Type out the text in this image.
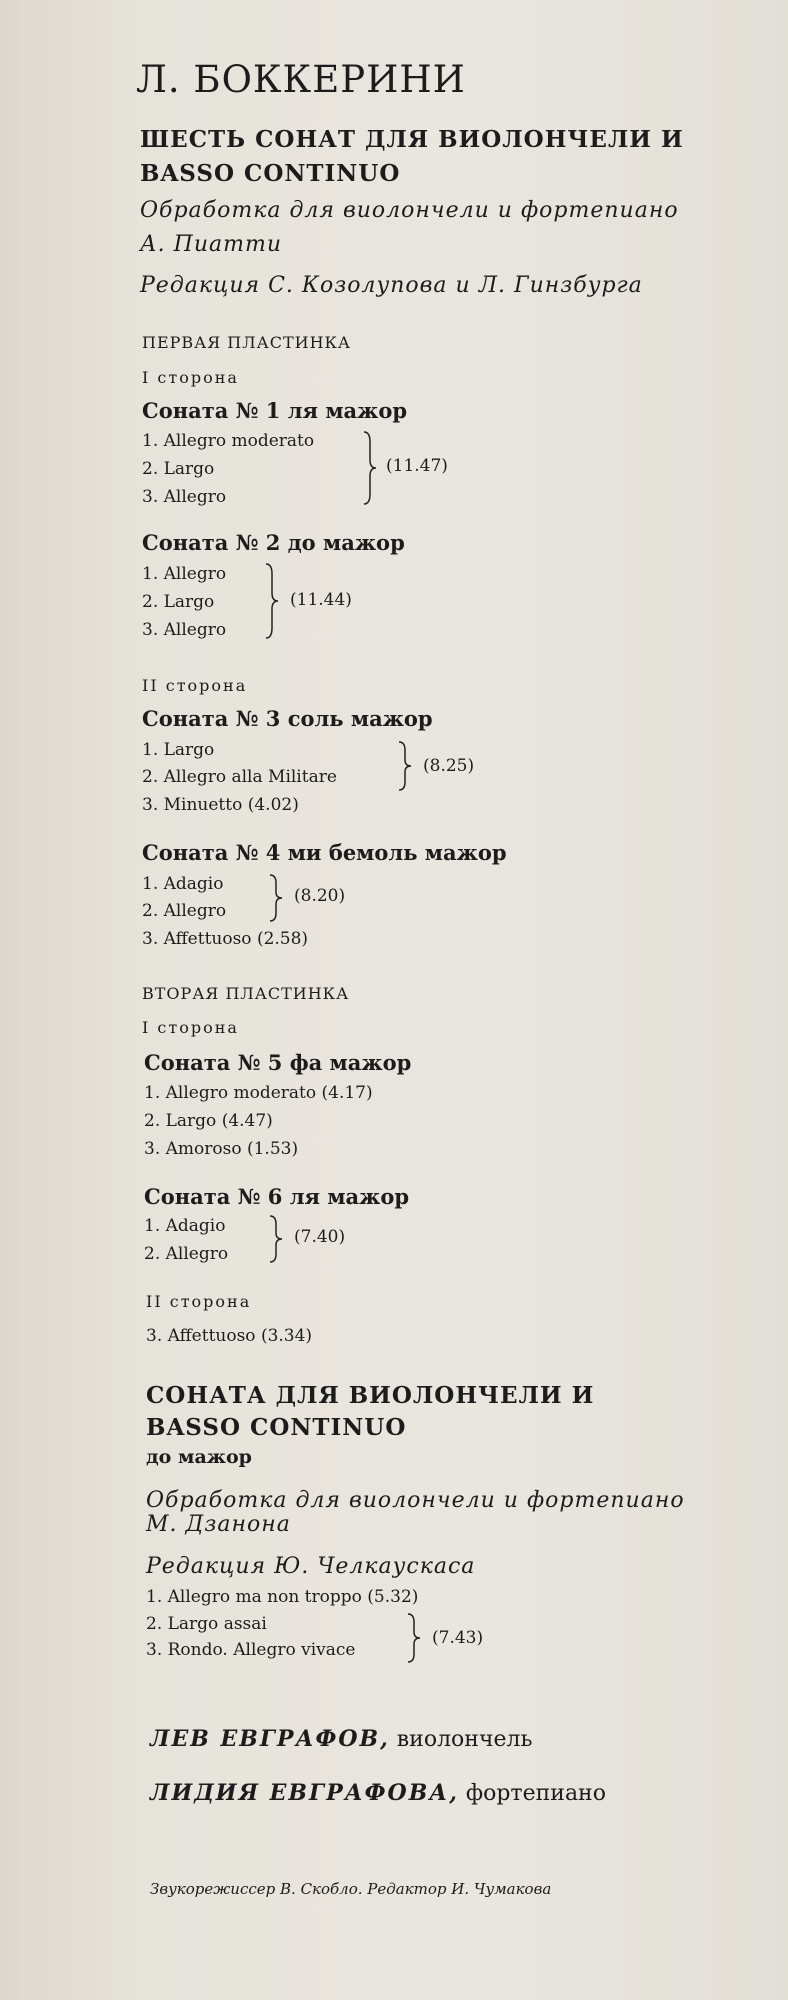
Л. БОККЕРИНИ
ШЕСТЬ СОНАТ ДЛЯ ВИОЛОНЧЕЛИ И
BASSO CONTINUO
Обработка для виолончели и фортепиано
А. Пиатти
Редакция С. Козолупова и Л. Гинзбурга
ПЕРВАЯ ПЛАСТИНКА
I сторона
Соната № 1 ля мажор
1. Allegro moderato
2. Largo
3. Allegro
(11.47)
Соната № 2 до мажор
1. Allegro
2. Largo
3. Allegro
(11.44)
II сторона
Соната № 3 соль мажор
1. Largo
2. Allegro alla Militare
3. Minuetto (4.02)
(8.25)
Соната № 4 ми бемоль мажор
1. Adagio
2. Allegro
3. Affettuoso (2.58)
(8.20)
ВТОРАЯ ПЛАСТИНКА
I сторона
Соната № 5 фа мажор
1. Allegro moderato (4.17)
2. Largo (4.47)
3. Amoroso (1.53)
Соната № 6 ля мажор
1. Adagio
2. Allegro
(7.40)
II сторона
3. Affettuoso (3.34)
СОНАТА ДЛЯ ВИОЛОНЧЕЛИ И
BASSO CONTINUO
до мажор
Обработка для виолончели и фортепиано
М. Дзанона
Редакция Ю. Челкаускаса
1. Allegro ma non troppo (5.32)
2. Largo assai
3. Rondo. Allegro vivace
(7.43)
ЛЕВ ЕВГРАФОВ, виолончель
ЛИДИЯ ЕВГРАФОВА, фортепиано
Звукорежиссер В. Скобло. Редактор И. Чумакова
